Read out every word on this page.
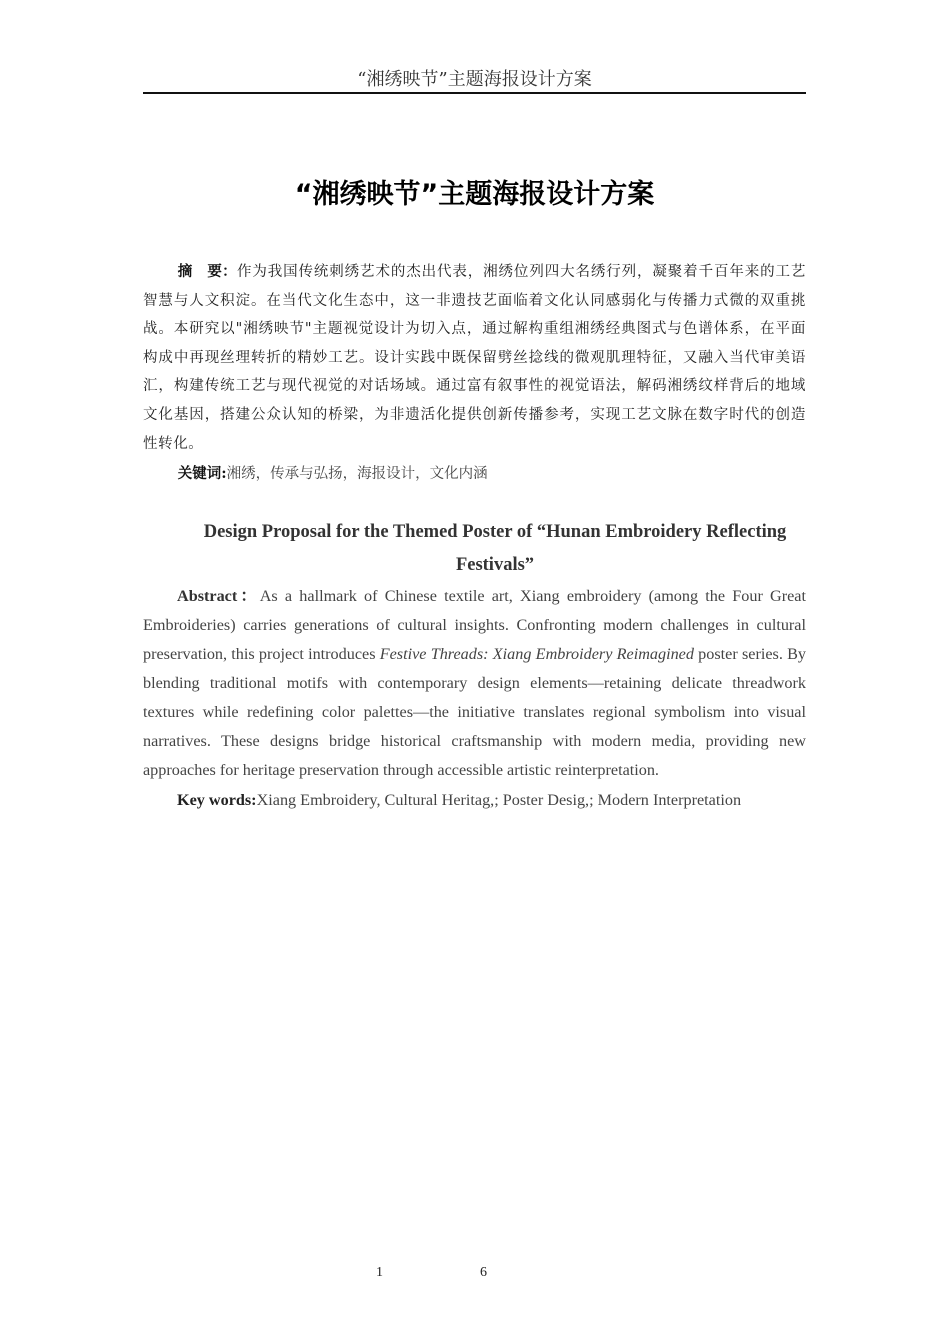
“湘绣映节”主题海报设计方案
“湘绣映节”主题海报设计方案
摘　要：作为我国传统刺绣艺术的杰出代表，湘绣位列四大名绣行列，凝聚着千百年来的工艺智慧与人文积淀。在当代文化生态中，这一非遗技艺面临着文化认同感弱化与传播力式微的双重挑战。本研究以"湘绣映节"主题视觉设计为切入点，通过解构重组湘绣经典图式与色谱体系，在平面构成中再现丝理转折的精妙工艺。设计实践中既保留劈丝捻线的微观肌理特征，又融入当代审美语汇，构建传统工艺与现代视觉的对话场域。通过富有叙事性的视觉语法，解码湘绣纹样背后的地域文化基因，搭建公众认知的桥梁，为非遗活化提供创新传播参考，实现工艺文脉在数字时代的创造性转化。
关键词:湘绣，传承与弘扬，海报设计，文化内涵
Design Proposal for the Themed Poster of “Hunan Embroidery Reflecting Festivals”
Abstract：As a hallmark of Chinese textile art, Xiang embroidery (among the Four Great Embroideries) carries generations of cultural insights. Confronting modern challenges in cultural preservation, this project introduces Festive Threads: Xiang Embroidery Reimagined poster series. By blending traditional motifs with contemporary design elements—retaining delicate threadwork textures while redefining color palettes—the initiative translates regional symbolism into visual narratives. These designs bridge historical craftsmanship with modern media, providing new approaches for heritage preservation through accessible artistic reinterpretation.
Key words:Xiang Embroidery, Cultural Heritag,; Poster Desig,; Modern Interpretation
1	6
